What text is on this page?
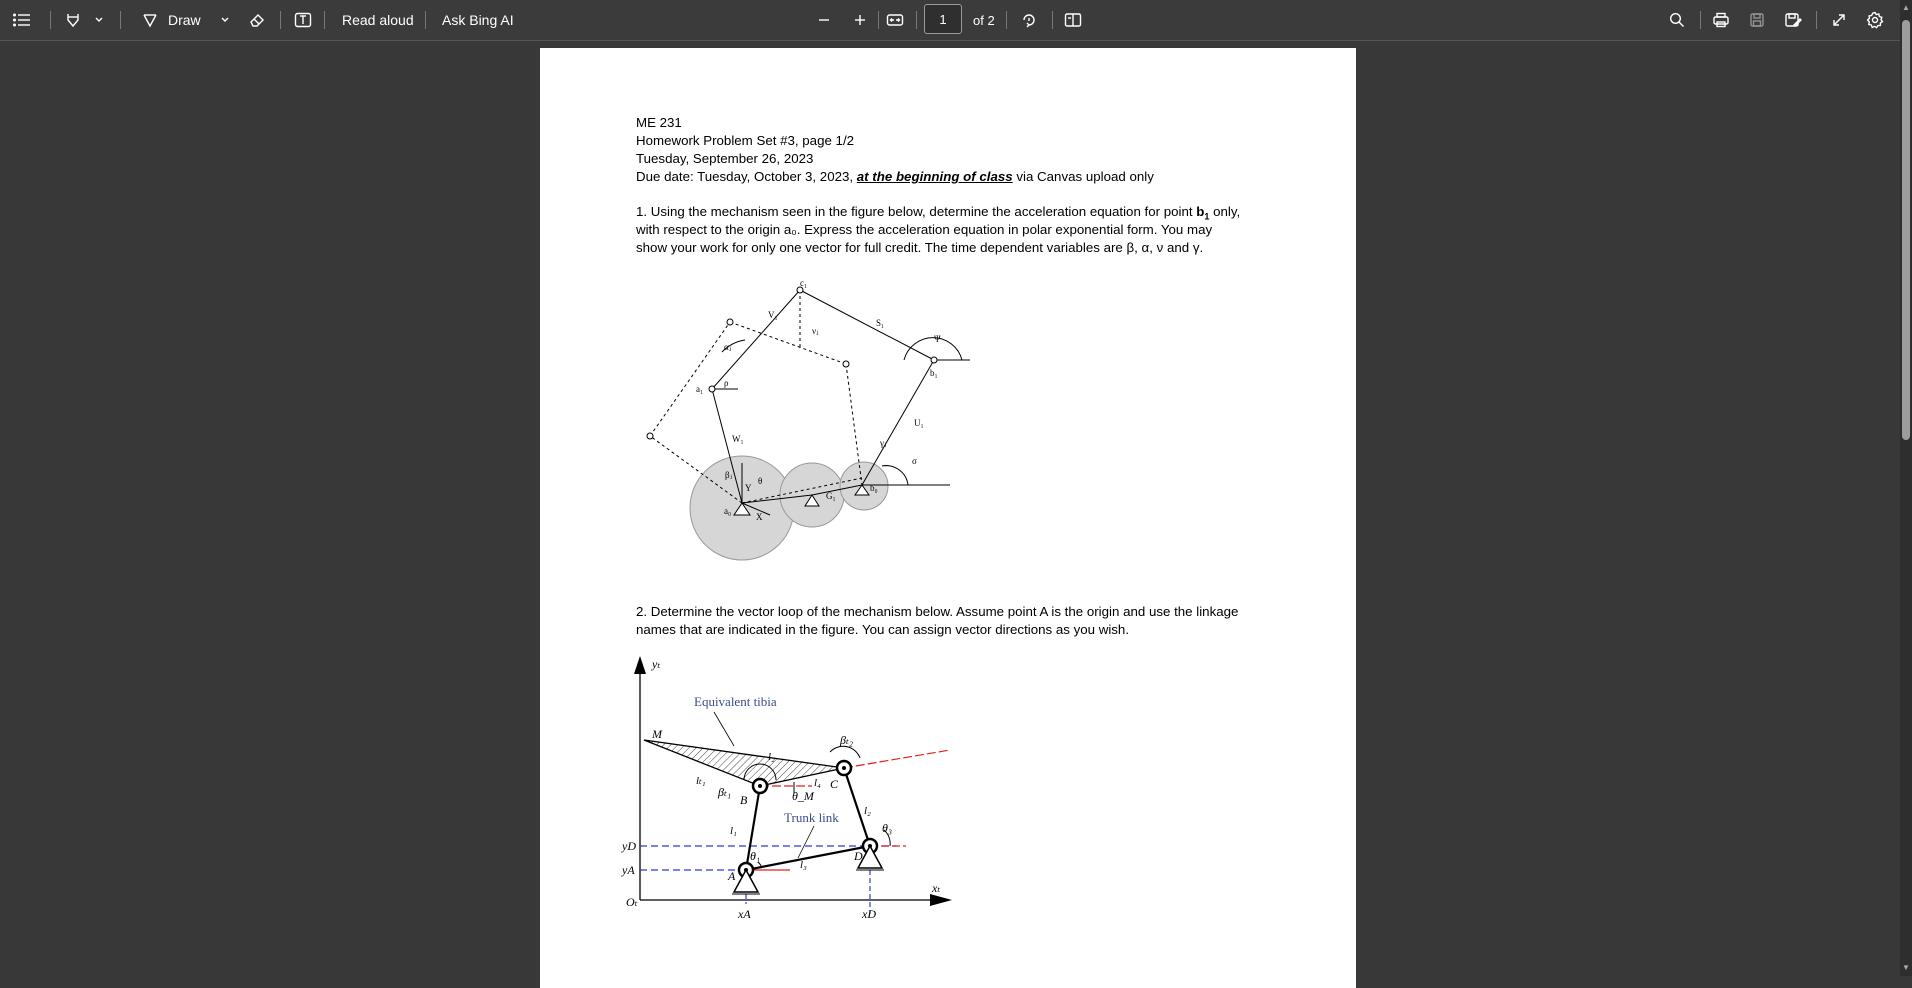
Draw	Read aloud Ask Bing AI	1	of 2
▲
▼
ME 231
Homework Problem Set #3, page 1/2
Tuesday, September 26, 2023
Due date: Tuesday, October 3, 2023, at the beginning of class via Canvas upload only
1. Using the mechanism seen in the figure below, determine the acceleration equation for point $b_1$ only,
with respect to the origin a₀. Express the acceleration equation in polar exponential form. You may
show your work for only one vector for full credit. The time dependent variables are β, α, ν and γ.
c₁
V₁
νⱼ
S₁
Ψ
αⱼ
a₁
ρ
b₁
U₁
W₁	γⱼ
σ
βⱼ
Y
θ
X
a₀
G₁
b₀
2. Determine the vector loop of the mechanism below. Assume point A is the origin and use the linkage
names that are indicated in the figure. You can assign vector directions as you wish.
yₜ
M
l₂
βₜ₂
lₜ₁
βₜ₁
l₄ C
B	θ_M
l₂
l₁	θ₃
yD
yA
θ₁	D
l₃
A
Oₜ
xA	xD
xₜ
Equivalent tibia
Trunk link
